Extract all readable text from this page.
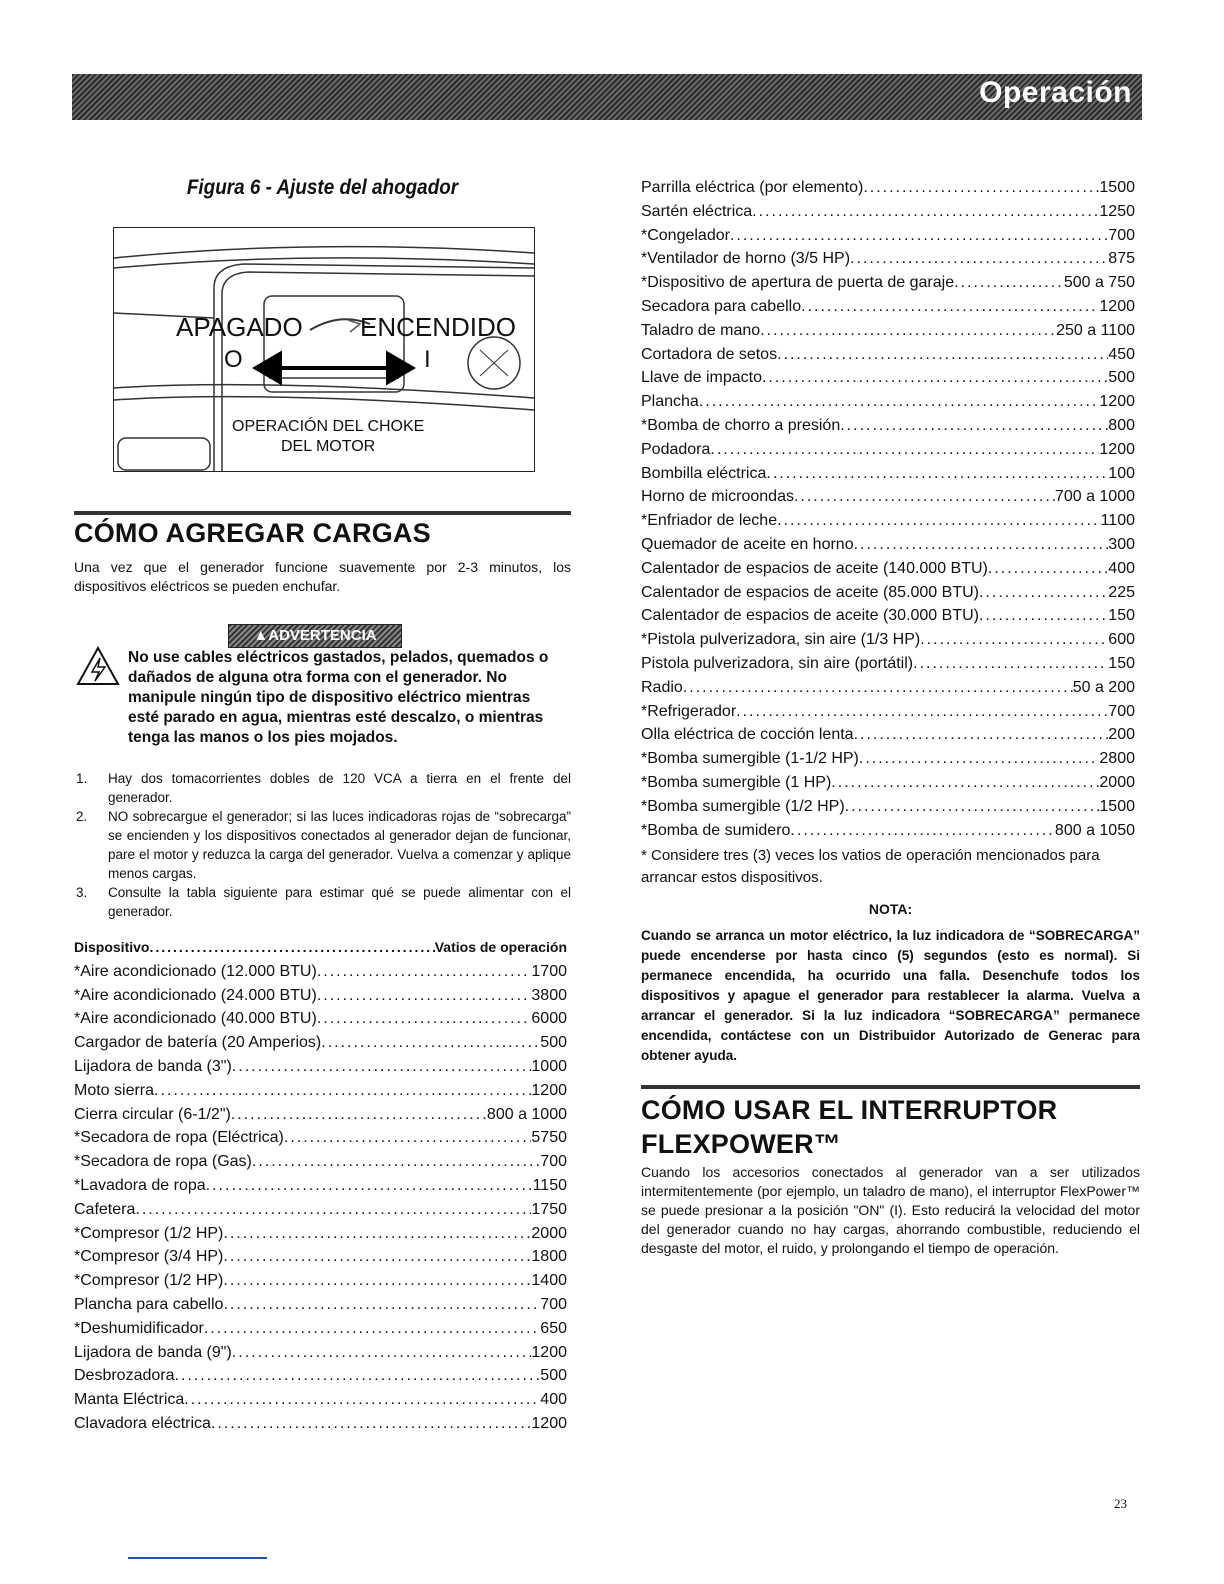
Operación
Figura 6 - Ajuste del ahogador
APAGADO
O
ENCENDIDO
I
OPERACIÓN DEL CHOKE
DEL MOTOR
CÓMO AGREGAR CARGAS
Una vez que el generador funcione suavemente por 2-3 minutos, los dispositivos eléctricos se pueden enchufar.
▲ADVERTENCIA
No use cables eléctricos gastados, pelados, quemados o dañados de alguna otra forma con el generador. No manipule ningún tipo de dispositivo eléctrico mientras esté parado en agua, mientras esté descalzo, o mientras tenga las manos o los pies mojados.
1. Hay dos tomacorrientes dobles de 120 VCA a tierra en el frente del generador.
2. NO sobrecargue el generador; si las luces indicadoras rojas de “sobrecarga” se encienden y los dispositivos conectados al generador dejan de funcionar, pare el motor y reduzca la carga del generador. Vuelva a comenzar y aplique menos cargas.
3. Consulte la tabla siguiente para estimar qué se puede alimentar con el generador.
Dispositivo .....	Vatios de operación
*Aire acondicionado (12.000 BTU) .....	1700
*Aire acondicionado (24.000 BTU) .....	3800
*Aire acondicionado (40.000 BTU) .....	6000
Cargador de batería (20 Amperios) .....	500
Lijadora de banda (3") .....	1000
Moto sierra .....	1200
Cierra circular (6-1/2") .....	800 a 1000
*Secadora de ropa (Eléctrica) .....	5750
*Secadora de ropa (Gas) .....	700
*Lavadora de ropa .....	1150
Cafetera .....	1750
*Compresor (1/2 HP) .....	2000
*Compresor (3/4 HP) .....	1800
*Compresor (1/2 HP) .....	1400
Plancha para cabello .....	700
*Deshumidificador .....	650
Lijadora de banda (9") .....	1200
Desbrozadora .....	500
Manta Eléctrica .....	400
Clavadora eléctrica .....	1200
Parrilla eléctrica (por elemento) .....	1500
Sartén eléctrica .....	1250
*Congelador .....	700
*Ventilador de horno (3/5 HP) .....	875
*Dispositivo de apertura de puerta de garaje .....	500 a 750
Secadora para cabello .....	1200
Taladro de mano .....	250 a 1100
Cortadora de setos .....	450
Llave de impacto .....	500
Plancha .....	1200
*Bomba de chorro a presión .....	800
Podadora .....	1200
Bombilla eléctrica .....	100
Horno de microondas .....	700 a 1000
*Enfriador de leche .....	1100
Quemador de aceite en horno .....	300
Calentador de espacios de aceite (140.000 BTU) .....	400
Calentador de espacios de aceite (85.000 BTU) .....	225
Calentador de espacios de aceite (30.000 BTU) .....	150
*Pistola pulverizadora, sin aire (1/3 HP) .....	600
Pistola pulverizadora, sin aire (portátil) .....	150
Radio .....	50 a 200
*Refrigerador .....	700
Olla eléctrica de cocción lenta .....	200
*Bomba sumergible (1-1/2 HP) .....	2800
*Bomba sumergible (1 HP) .....	2000
*Bomba sumergible (1/2 HP) .....	1500
*Bomba de sumidero .....	800 a 1050
* Considere tres (3) veces los vatios de operación mencionados para arrancar estos dispositivos.
NOTA:
Cuando se arranca un motor eléctrico, la luz indicadora de “SOBRECARGA” puede encenderse por hasta cinco (5) segundos (esto es normal). Si permanece encendida, ha ocurrido una falla. Desenchufe todos los dispositivos y apague el generador para restablecer la alarma. Vuelva a arrancar el generador. Si la luz indicadora “SOBRECARGA” permanece encendida, contáctese con un Distribuidor Autorizado de Generac para obtener ayuda.
CÓMO USAR EL INTERRUPTOR
FLEXPOWER™
Cuando los accesorios conectados al generador van a ser utilizados intermitentemente (por ejemplo, un taladro de mano), el interruptor FlexPower™ se puede presionar a la posición "ON" (I). Esto reducirá la velocidad del motor del generador cuando no hay cargas, ahorrando combustible, reduciendo el desgaste del motor, el ruido, y prolongando el tiempo de operación.
23
